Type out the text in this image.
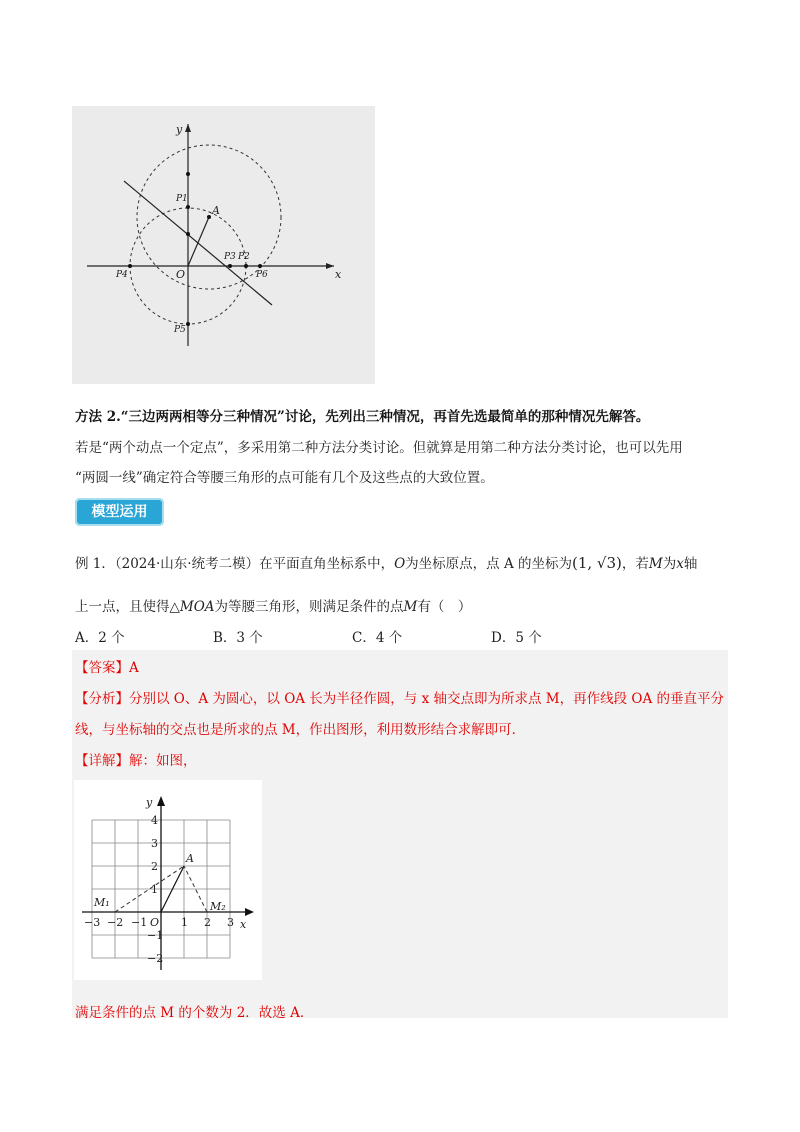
y
x
O
A
P1
P2
P3
P4
P5
P6
方法 2.“三边两两相等分三种情况”讨论，先列出三种情况，再首先选最简单的那种情况先解答。
若是“两个动点一个定点”，多采用第二种方法分类讨论。但就算是用第二种方法分类讨论，也可以先用
“两圆一线”确定符合等腰三角形的点可能有几个及这些点的大致位置。
模型运用
例 1．（2024·山东·统考二模）在平面直角坐标系中，O为坐标原点，点 A 的坐标为(1, √3)，若M为x轴
上一点，且使得△MOA为等腰三角形，则满足条件的点M有（　）
A．2 个	B．3 个	C．4 个	D．5 个
【答案】A
【分析】分别以 O、A 为圆心，以 OA 长为半径作圆，与 x 轴交点即为所求点 M，再作线段 OA 的垂直平分
线，与坐标轴的交点也是所求的点 M，作出图形，利用数形结合求解即可．
【详解】解：如图，
y
x
O
A
M₁	M₂
−3 −2 −1	1 2 3
4
3
2
1
−1
−2
满足条件的点 M 的个数为 2．故选 A．
